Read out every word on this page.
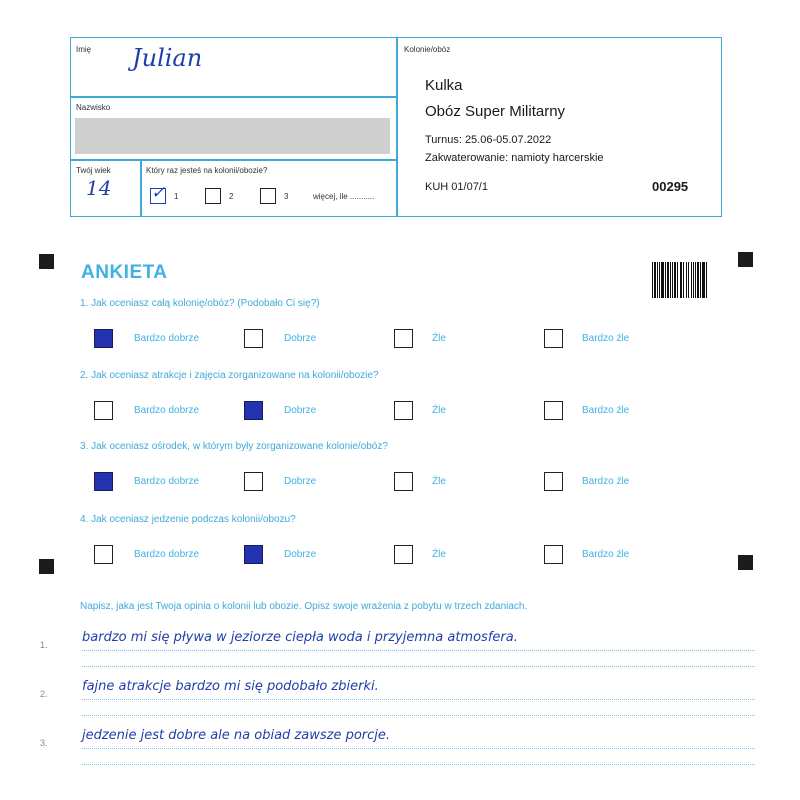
Imię Julian
Nazwisko
Twój wiek
14
Który raz jesteś na kolonii/obozie?
✓ 1	2	3	więcej, ile ...........
Kolonie/obóz
Kulka
Obóz Super Militarny
Turnus: 25.06-05.07.2022
Zakwaterowanie: namioty harcerskie
KUH 01/07/1	00295
ANKIETA
1. Jak oceniasz całą kolonię/obóz? (Podobało Ci się?)
Bardzo dobrze	Dobrze	Źle	Bardzo źle
2. Jak oceniasz atrakcje i zajęcia zorganizowane na kolonii/obozie?
Bardzo dobrze	Dobrze	Źle	Bardzo źle
3. Jak oceniasz ośrodek, w którym były zorganizowane kolonie/obóz?
Bardzo dobrze	Dobrze	Źle	Bardzo źle
4. Jak oceniasz jedzenie podczas kolonii/obozu?
Bardzo dobrze	Dobrze	Źle	Bardzo źle
Napisz, jaka jest Twoja opinia o kolonii lub obozie. Opisz swoje wrażenia z pobytu w trzech zdaniach.
1.	bardzo mi się pływa w jeziorze ciepła woda i przyjemna atmosfera.
2.	fajne atrakcje bardzo mi się podobało zbierki.
3.	jedzenie jest dobre ale na obiad zawsze porcje.
